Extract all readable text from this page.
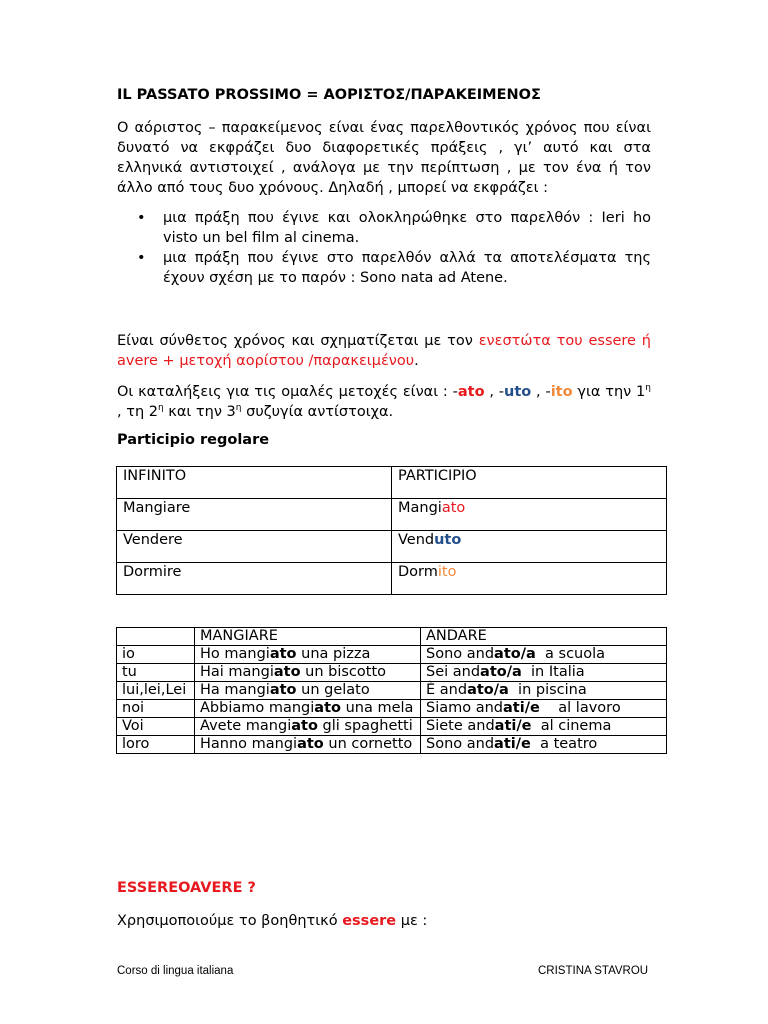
IL PASSATO PROSSIMO = ΑΟΡΙΣΤΟΣ/ΠΑΡΑΚΕΙΜΕΝΟΣ

Ο αόριστος – παρακείμενος είναι ένας παρελθοντικός χρόνος που είναι δυνατό να εκφράζει δυο διαφορετικές πράξεις , γι’ αυτό και στα ελληνικά αντιστοιχεί , ανάλογα με την περίπτωση , με τον ένα ή τον άλλο από τους δυο χρόνους. Δηλαδή , μπορεί να εκφράζει :

• μια πράξη που έγινε και ολοκληρώθηκε στο παρελθόν : Ieri ho visto un bel film al cinema.
• μια πράξη που έγινε στο παρελθόν αλλά τα αποτελέσματα της έχουν σχέση με το παρόν : Sono nata ad Atene.

Είναι σύνθετος χρόνος και σχηματίζεται με τον ενεστώτα του essere ή avere + μετοχή αορίστου /παρακειμένου.

Οι καταλήξεις για τις ομαλές μετοχές είναι : -ato , -uto , -ito για την $1^\eta$ , τη $2^\eta$ και την $3^\eta$ συζυγία αντίστοιχα.

Participio regolare
INFINITO	PARTICIPIO
Mangiare	Mangiato
Vendere	Venduto
Dormire	Dormito
	MANGIARE	ANDARE
io	Ho mangiato una pizza	Sono andato/a  a scuola
tu	Hai mangiato un biscotto	Sei andato/a  in Italia
lui,lei,Lei	Ha mangiato un gelato	È andato/a  in piscina
noi	Abbiamo mangiato una mela	Siamo andati/e    al lavoro
Voi	Avete mangiato gli spaghetti	Siete andati/e  al cinema
loro	Hanno mangiato un cornetto	Sono andati/e  a teatro
ESSEREOAVERE ?

Χρησιμοποιούμε το βοηθητικό essere με :

Corso di lingua italiana	CRISTINA STAVROU
